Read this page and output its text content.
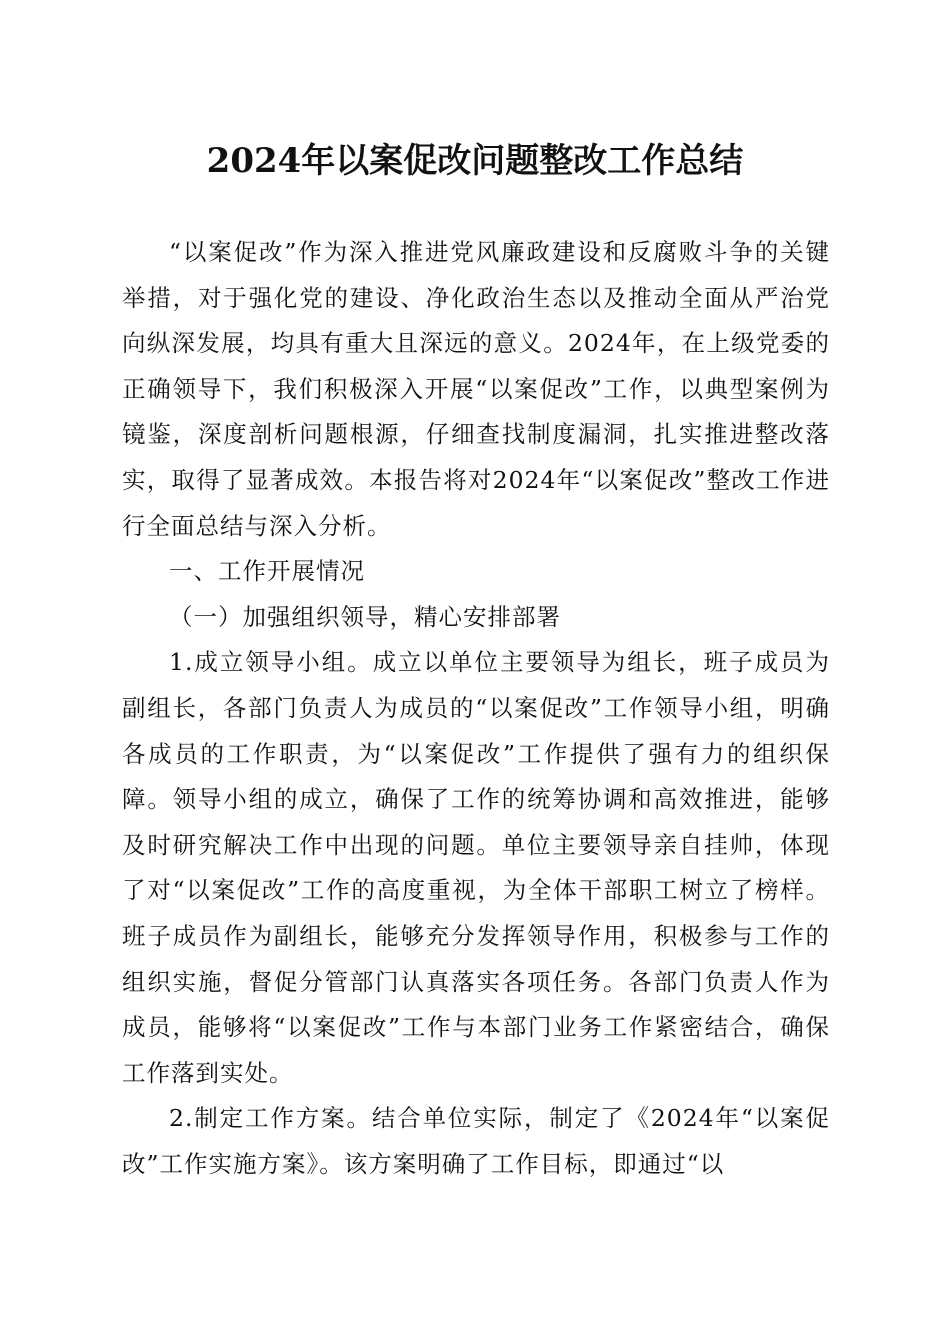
2024年以案促改问题整改工作总结

“以案促改”作为深入推进党风廉政建设和反腐败斗争的关键举措，对于强化党的建设、净化政治生态以及推动全面从严治党向纵深发展，均具有重大且深远的意义。2024年，在上级党委的正确领导下，我们积极深入开展“以案促改”工作，以典型案例为镜鉴，深度剖析问题根源，仔细查找制度漏洞，扎实推进整改落实，取得了显著成效。本报告将对2024年“以案促改”整改工作进行全面总结与深入分析。

一、工作开展情况

（一）加强组织领导，精心安排部署

1.成立领导小组。成立以单位主要领导为组长，班子成员为副组长，各部门负责人为成员的“以案促改”工作领导小组，明确各成员的工作职责，为“以案促改”工作提供了强有力的组织保障。领导小组的成立，确保了工作的统筹协调和高效推进，能够及时研究解决工作中出现的问题。单位主要领导亲自挂帅，体现了对“以案促改”工作的高度重视，为全体干部职工树立了榜样。班子成员作为副组长，能够充分发挥领导作用，积极参与工作的组织实施，督促分管部门认真落实各项任务。各部门负责人作为成员，能够将“以案促改”工作与本部门业务工作紧密结合，确保工作落到实处。

2.制定工作方案。结合单位实际，制定了《2024年“以案促改”工作实施方案》。该方案明确了工作目标，即通过“以
